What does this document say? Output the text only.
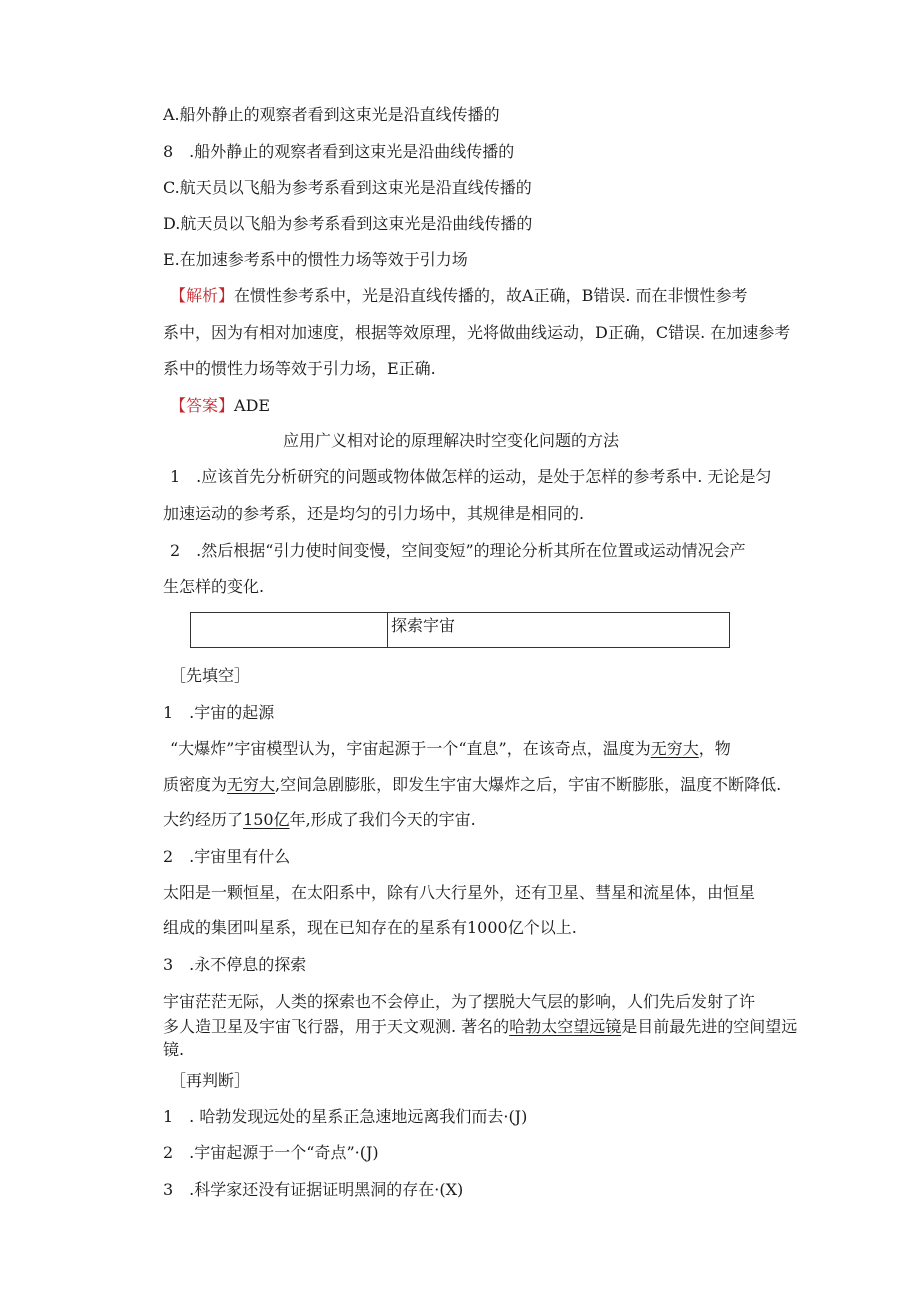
A.船外静止的观察者看到这束光是沿直线传播的
8　.船外静止的观察者看到这束光是沿曲线传播的
C.航天员以飞船为参考系看到这束光是沿直线传播的
D.航天员以飞船为参考系看到这束光是沿曲线传播的
E.在加速参考系中的惯性力场等效于引力场
【解析】在惯性参考系中，光是沿直线传播的，故A正确，B错误. 而在非惯性参考
系中，因为有相对加速度，根据等效原理，光将做曲线运动，D正确，C错误. 在加速参考
系中的惯性力场等效于引力场，E正确.
【答案】ADE
应用广义相对论的原理解决时空变化问题的方法
1　.应该首先分析研究的问题或物体做怎样的运动，是处于怎样的参考系中. 无论是匀
加速运动的参考系，还是均匀的引力场中，其规律是相同的.
2　.然后根据“引力使时间变慢，空间变短”的理论分析其所在位置或运动情况会产
生怎样的变化.
探索宇宙
［先填空］
1　.宇宙的起源
“大爆炸”宇宙模型认为，宇宙起源于一个“直息”，在该奇点，温度为无穷大，物
质密度为无穷大,空间急剧膨胀，即发生宇宙大爆炸之后，宇宙不断膨胀，温度不断降低.
大约经历了150亿年,形成了我们今天的宇宙.
2　.宇宙里有什么
太阳是一颗恒星，在太阳系中，除有八大行星外，还有卫星、彗星和流星体，由恒星
组成的集团叫星系，现在已知存在的星系有1000亿个以上.
3　.永不停息的探索
宇宙茫茫无际，人类的探索也不会停止，为了摆脱大气层的影响，人们先后发射了许
多人造卫星及宇宙飞行器，用于天文观测. 著名的哈勃太空望远镜是目前最先进的空间望远
镜.
［再判断］
1　. 哈勃发现远处的星系正急速地远离我们而去·(J)
2　.宇宙起源于一个“奇点”·(J)
3　.科学家还没有证据证明黑洞的存在·(X)
